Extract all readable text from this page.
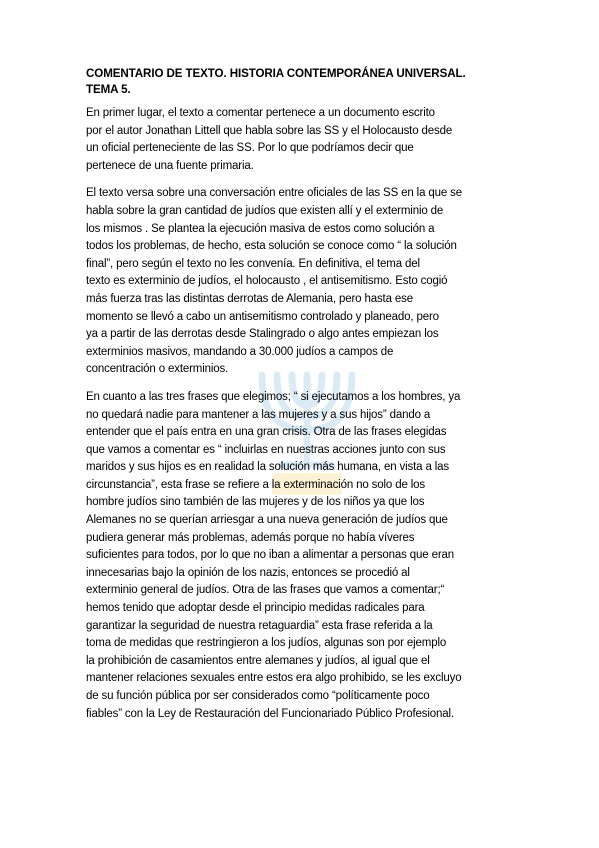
COMENTARIO DE TEXTO. HISTORIA CONTEMPORÁNEA UNIVERSAL.
TEMA 5.
En primer lugar, el texto a comentar pertenece a un documento escrito
por el autor Jonathan Littell que habla sobre las SS y el Holocausto desde
un oficial perteneciente de las SS. Por lo que podríamos decir que
pertenece de una fuente primaria.
El texto versa sobre una conversación entre oficiales de las SS en la que se
habla sobre la gran cantidad de judíos que existen allí y el exterminio de
los mismos . Se plantea la ejecución masiva de estos como solución a
todos los problemas, de hecho, esta solución se conoce como “ la solución
final”, pero según el texto no les convenía. En definitiva, el tema del
texto es exterminio de judíos, el holocausto , el antisemitismo. Esto cogió
más fuerza tras las distintas derrotas de Alemania, pero hasta ese
momento se llevó a cabo un antisemitismo controlado y planeado, pero
ya a partir de las derrotas desde Stalingrado o algo antes empiezan los
exterminios masivos, mandando a 30.000 judíos a campos de
concentración o exterminios.
En cuanto a las tres frases que elegimos; “ si ejecutamos a los hombres, ya
no quedará nadie para mantener a las mujeres y a sus hijos” dando a
entender que el país entra en una gran crisis. Otra de las frases elegidas
que vamos a comentar es “ incluirlas en nuestras acciones junto con sus
maridos y sus hijos es en realidad la solución más humana, en vista a las
circunstancia”, esta frase se refiere a la exterminación no solo de los
hombre judíos sino también de las mujeres y de los niños ya que los
Alemanes no se querían arriesgar a una nueva generación de judíos que
pudiera generar más problemas, además porque no había víveres
suficientes para todos, por lo que no iban a alimentar a personas que eran
innecesarias bajo la opinión de los nazis, entonces se procedió al
exterminio general de judíos. Otra de las frases que vamos a comentar;“
hemos tenido que adoptar desde el principio medidas radicales para
garantizar la seguridad de nuestra retaguardia” esta frase referida a la
toma de medidas que restringieron a los judíos, algunas son por ejemplo
la prohibición de casamientos entre alemanes y judíos, al igual que el
mantener relaciones sexuales entre estos era algo prohibido, se les excluyo
de su función pública por ser considerados como “políticamente poco
fiables” con la Ley de Restauración del Funcionariado Público Profesional.
